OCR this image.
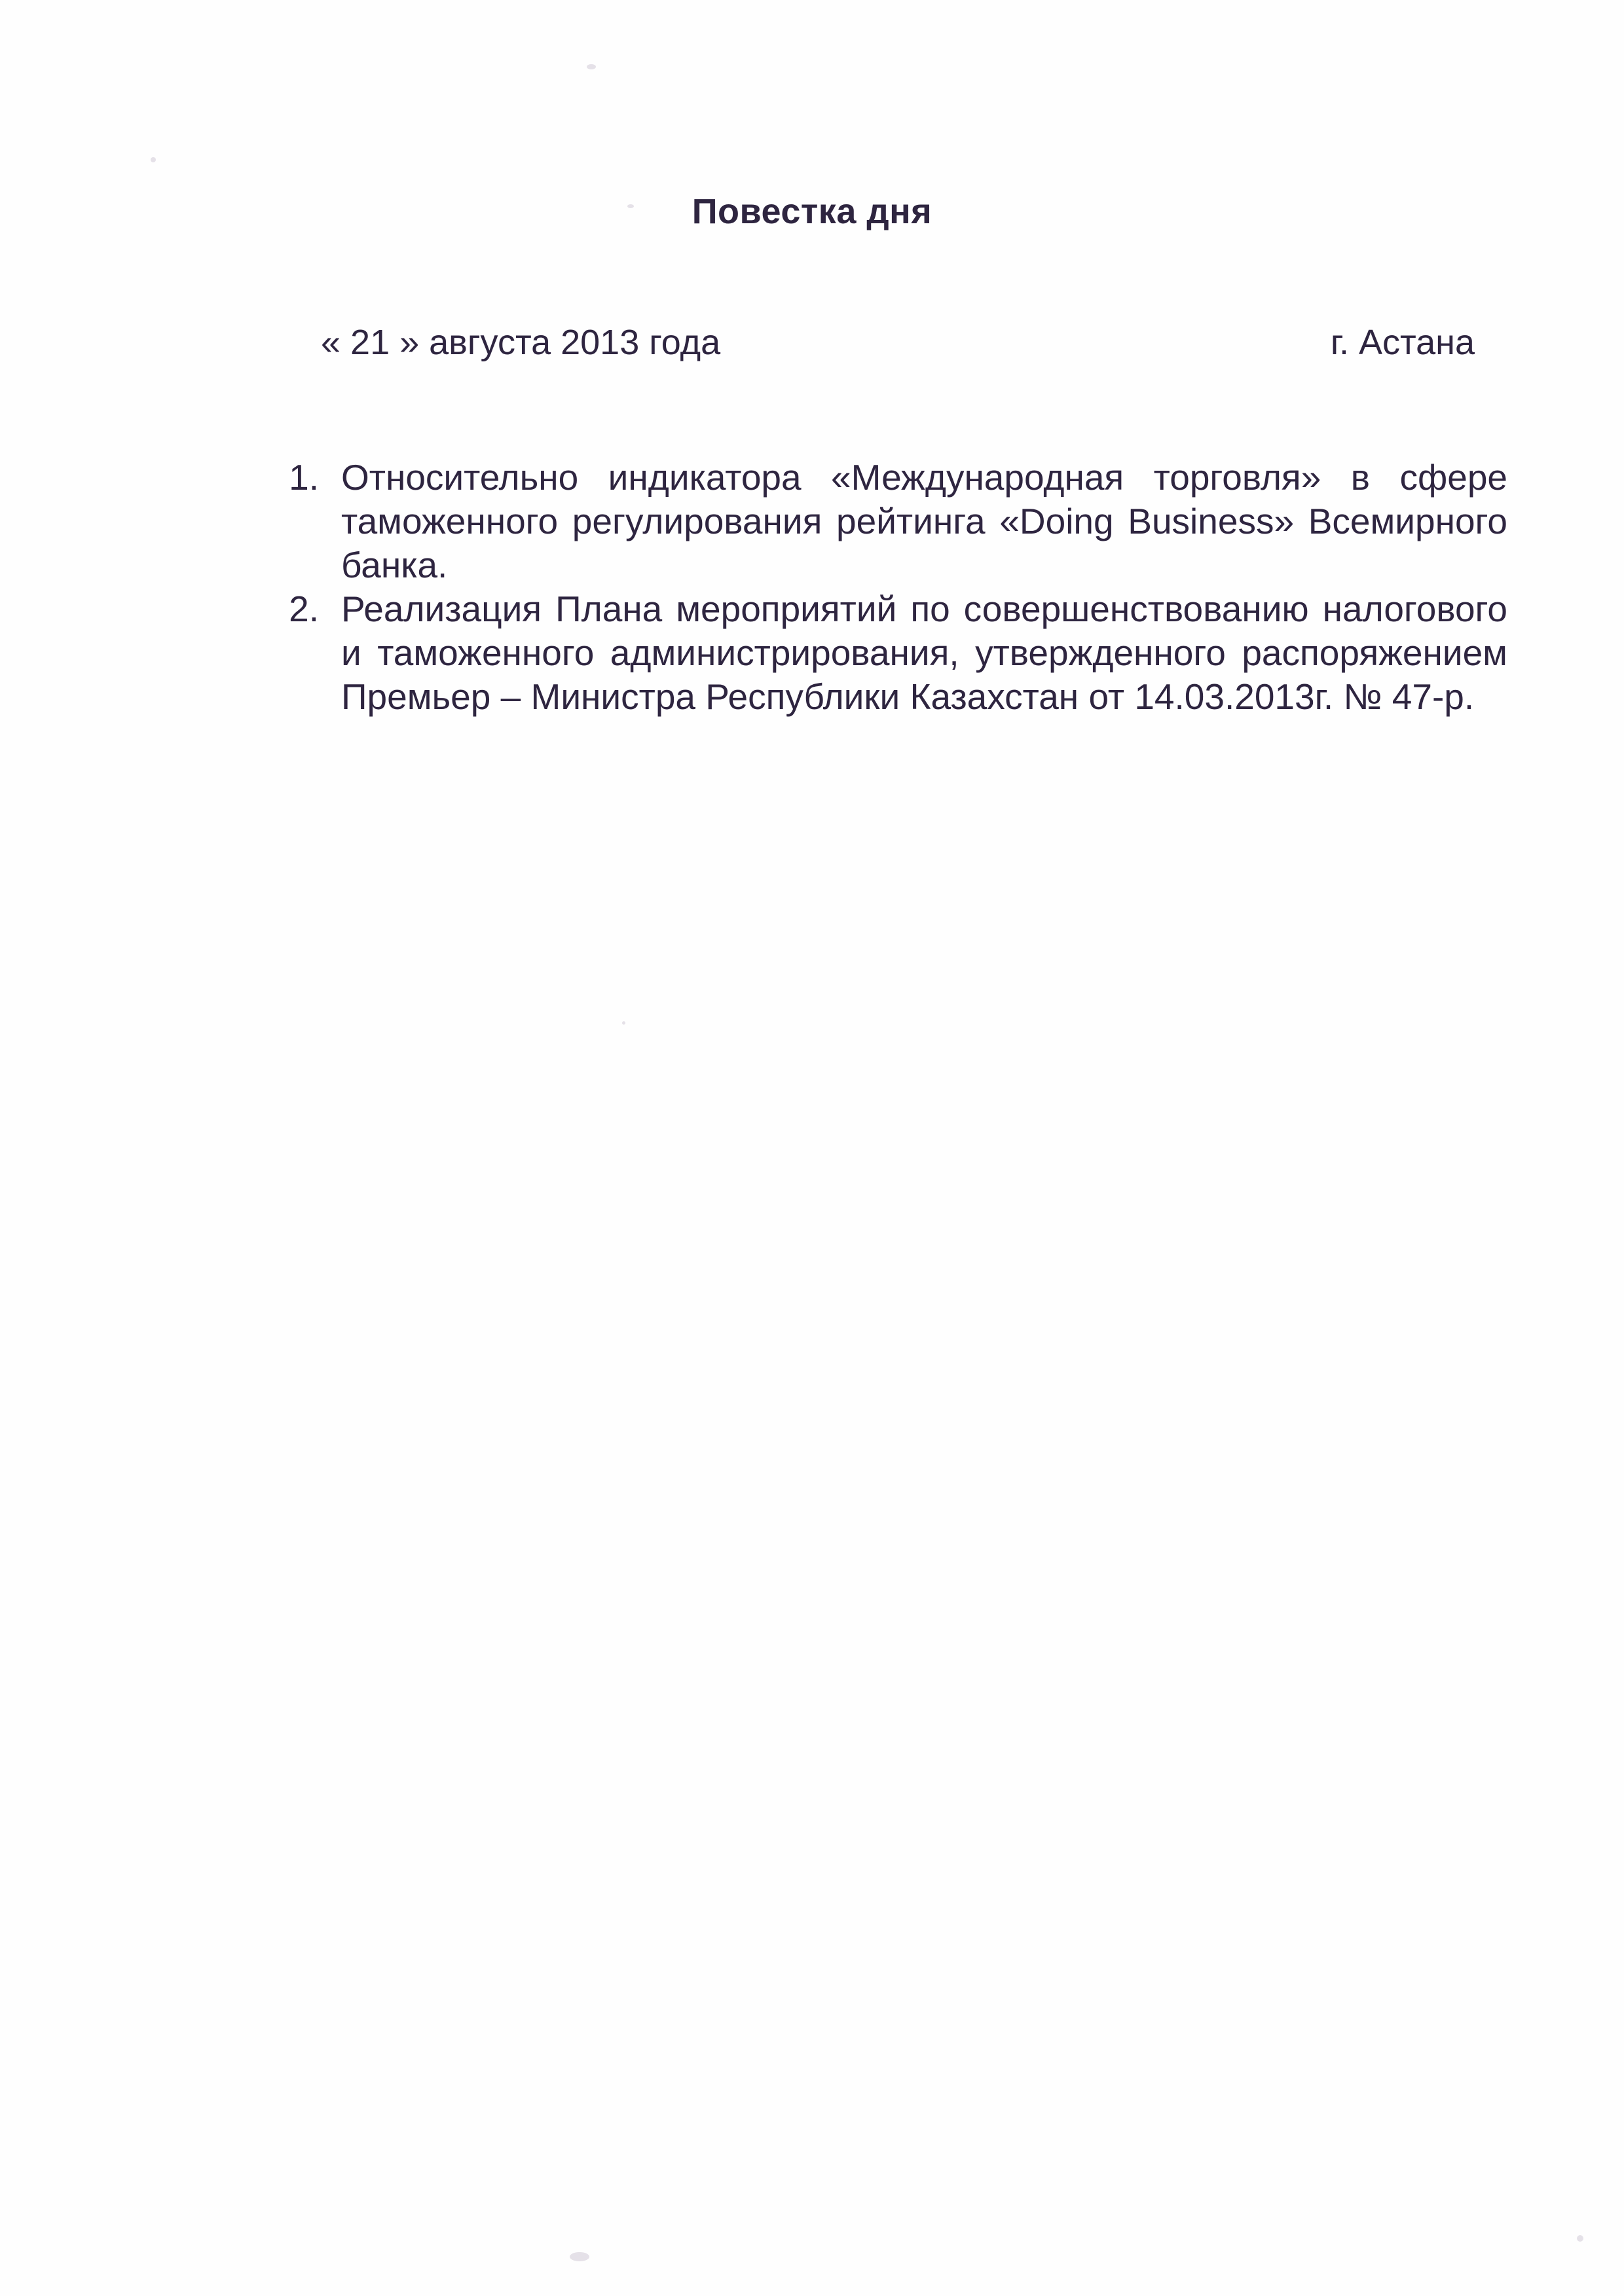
Повестка дня
« 21 » августа 2013 года	г. Астана
1. Относительно индикатора «Международная торговля» в сфере таможенного регулирования рейтинга «Doing Business» Всемирного банка.
2. Реализация Плана мероприятий по совершенствованию налогового и таможенного администрирования, утвержденного распоряжением Премьер – Министра Республики Казахстан от 14.03.2013г. № 47-р.
